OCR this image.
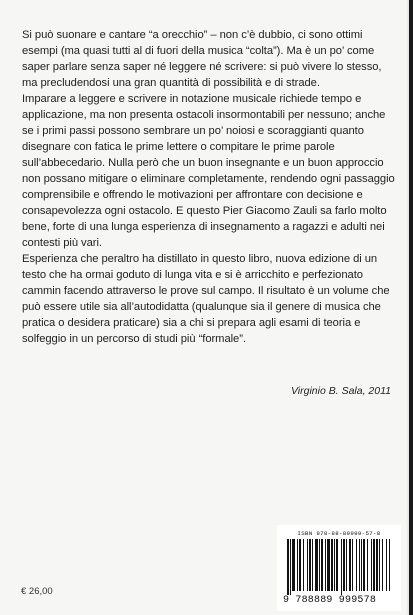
Si può suonare e cantare “a orecchio” – non c’è dubbio, ci sono ottimi esempi (ma quasi tutti al di fuori della musica “colta”). Ma è un po’ come saper parlare senza saper né leggere né scrivere: si può vivere lo stesso, ma precludendosi una gran quantità di possibilità e di strade.

Imparare a leggere e scrivere in notazione musicale richiede tempo e applicazione, ma non presenta ostacoli insormontabili per nessuno; anche se i primi passi possono sembrare un po’ noiosi e scoraggianti quanto disegnare con fatica le prime lettere o compitare le prime parole sull’abbecedario. Nulla però che un buon insegnante e un buon approccio non possano mitigare o eliminare completamente, rendendo ogni passaggio comprensibile e offrendo le motivazioni per affrontare con decisione e consapevolezza ogni ostacolo. E questo Pier Giacomo Zauli sa farlo molto bene, forte di una lunga esperienza di insegnamento a ragazzi e adulti nei contesti più vari.

Esperienza che peraltro ha distillato in questo libro, nuova edizione di un testo che ha ormai goduto di lunga vita e si è arricchito e perfezionato cammin facendo attraverso le prove sul campo. Il risultato è un volume che può essere utile sia all’autodidatta (qualunque sia il genere di musica che pratica o desidera praticare) sia a chi si prepara agli esami di teoria e solfeggio in un percorso di studi più “formale”.

Virginio B. Sala, 2011
ISBN 978-88-89999-57-8
9 788889 999578
€ 26,00
